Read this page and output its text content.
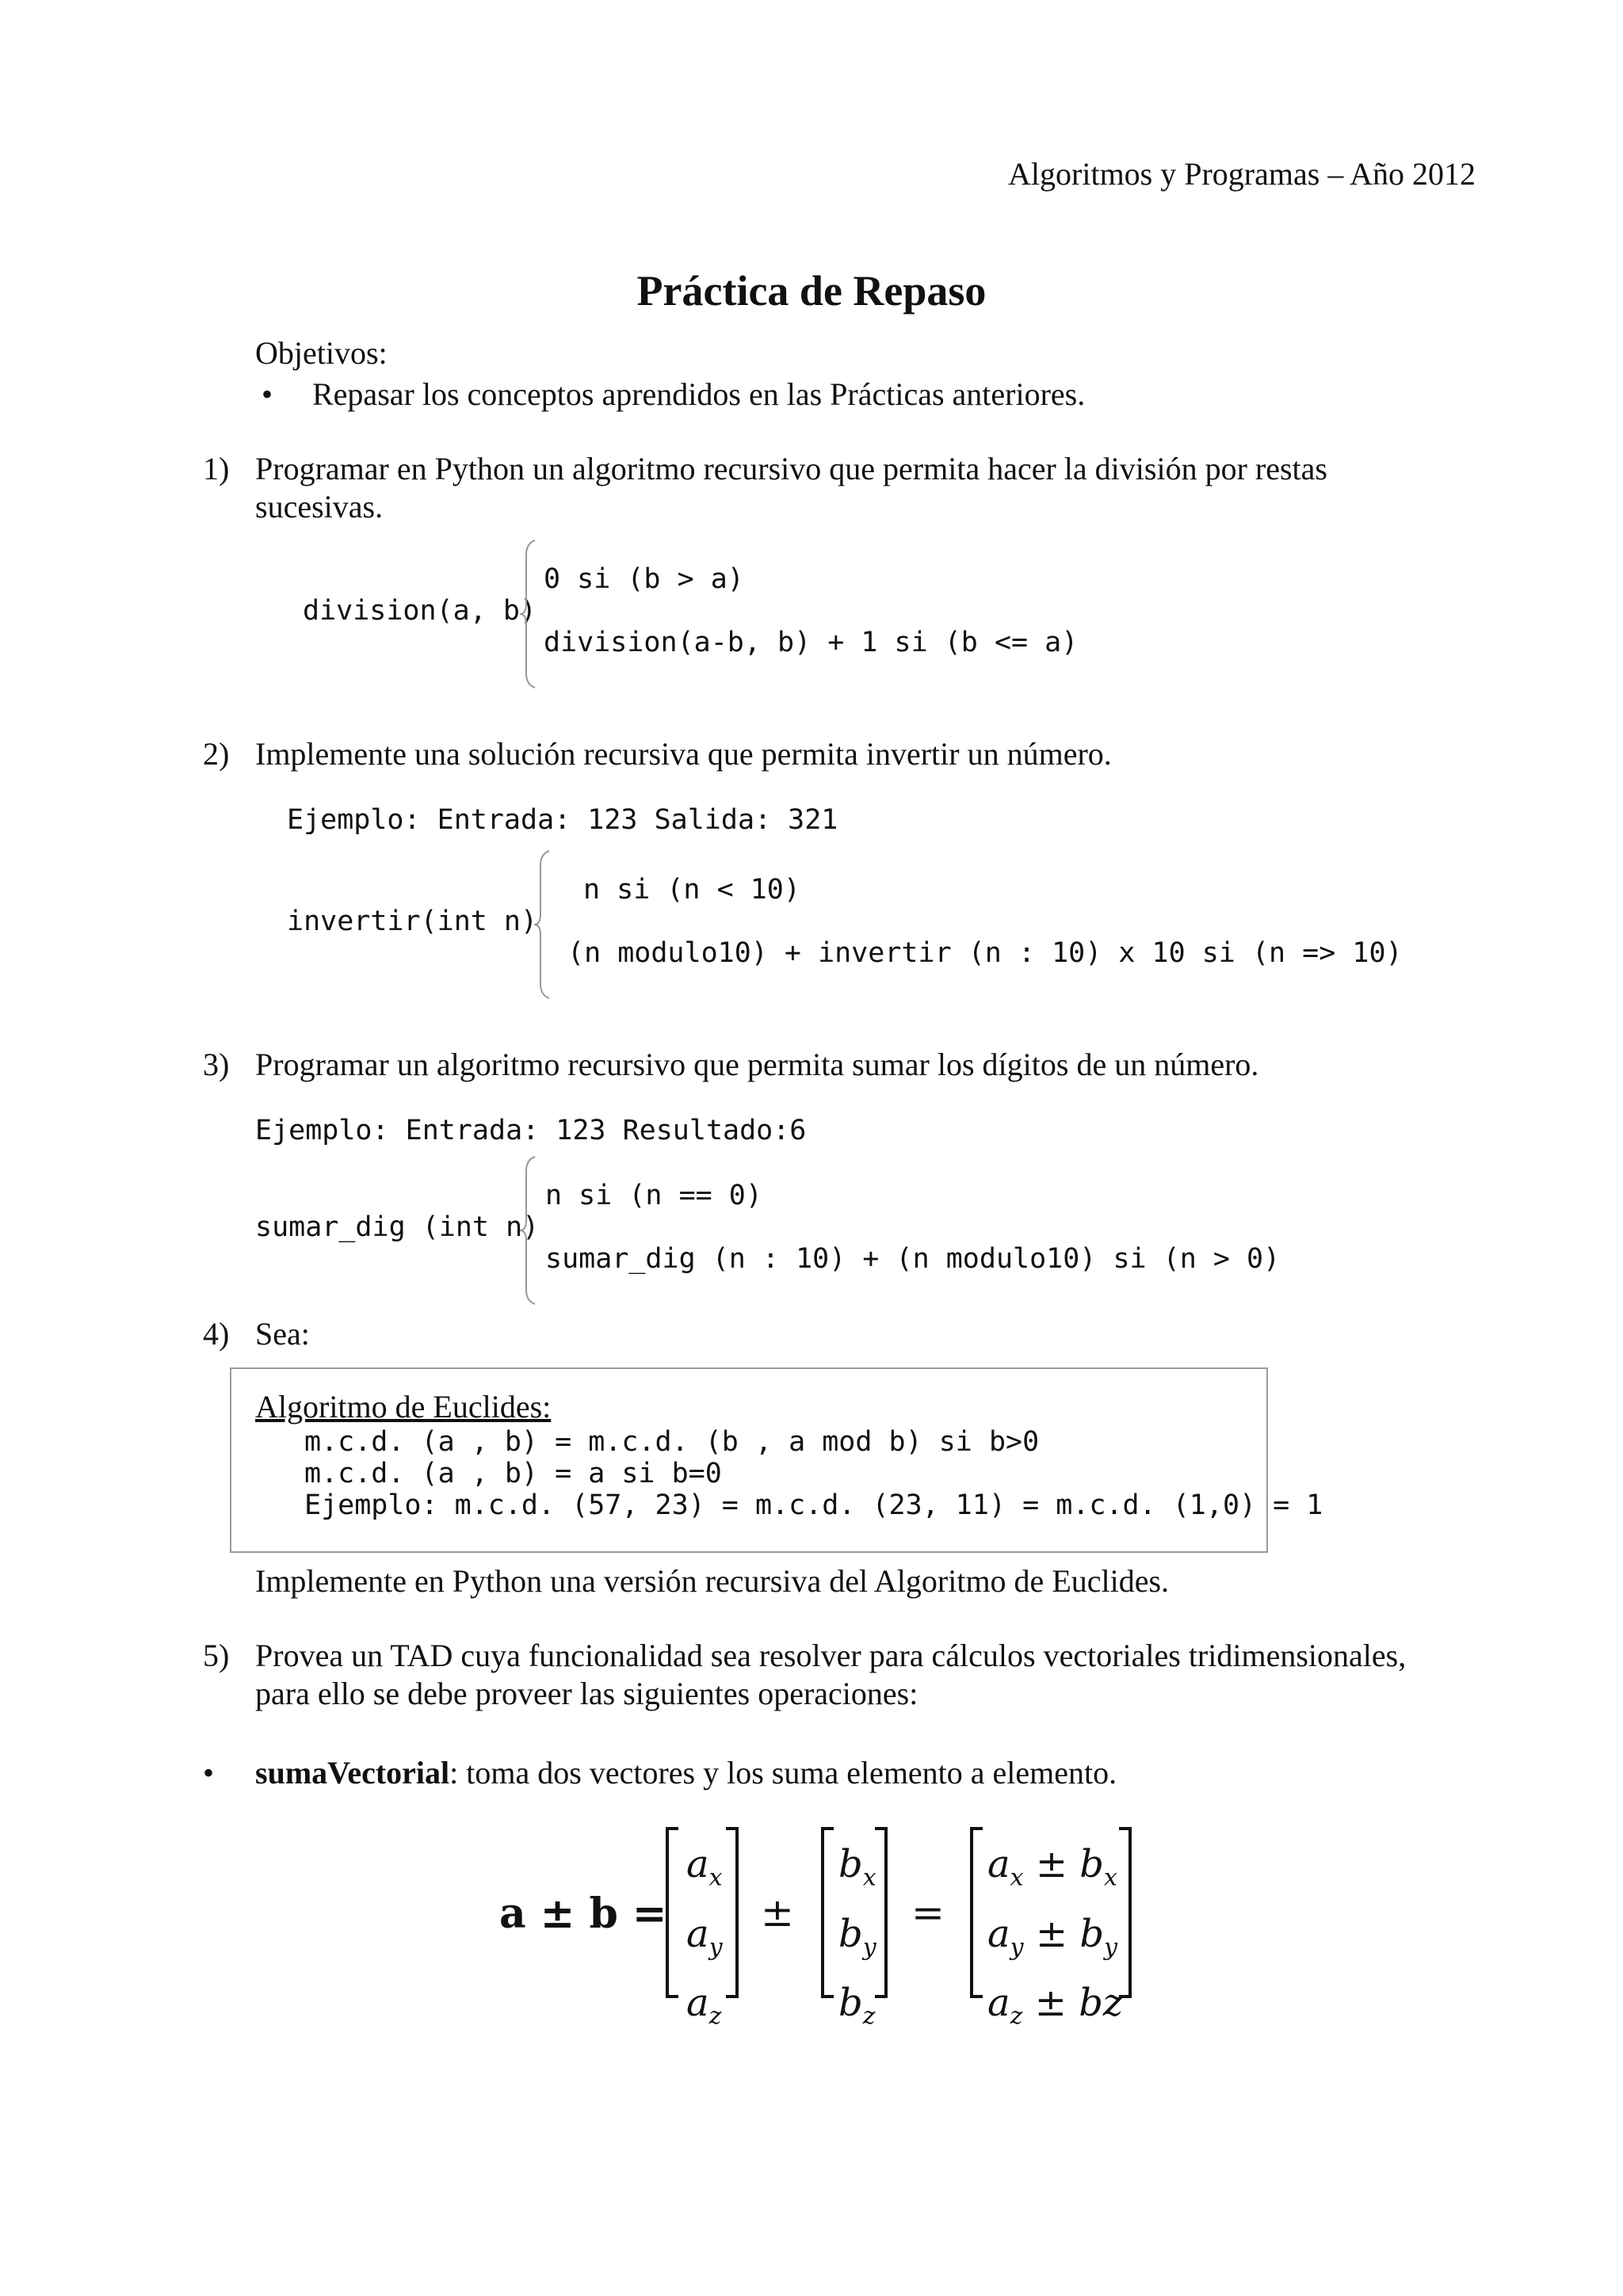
Algoritmos y Programas – Año 2012
Práctica de Repaso
Objetivos:
• Repasar los conceptos aprendidos en las Prácticas anteriores.
1) Programar en Python un algoritmo recursivo que permita hacer la división por restas
sucesivas.
division(a, b)
0 si (b > a)
division(a-b, b) + 1 si (b <= a)
2) Implemente una solución recursiva que permita invertir un número.
Ejemplo: Entrada: 123 Salida: 321
invertir(int n)
n si (n < 10)
(n modulo10) + invertir (n : 10) x 10 si (n => 10)
3) Programar un algoritmo recursivo que permita sumar los dígitos de un número.
Ejemplo: Entrada: 123 Resultado:6
sumar_dig (int n)
n si (n == 0)
sumar_dig (n : 10) + (n modulo10) si (n > 0)
4) Sea:
Algoritmo de Euclides:
m.c.d. (a , b) = m.c.d. (b , a mod b) si b>0
m.c.d. (a , b) = a si b=0
Ejemplo: m.c.d. (57, 23) = m.c.d. (23, 11) = m.c.d. (1,0) = 1
Implemente en Python una versión recursiva del Algoritmo de Euclides.
5) Provea un TAD cuya funcionalidad sea resolver para cálculos vectoriales tridimensionales,
para ello se debe proveer las siguientes operaciones:
• sumaVectorial: toma dos vectores y los suma elemento a elemento.
a ± b =
$a_x$
$a_y$
$a_z$
±
$b_x$
$b_y$
$b_z$
=
$a_x \pm b_x$
$a_y \pm b_y$
$a_z$ ± bz
